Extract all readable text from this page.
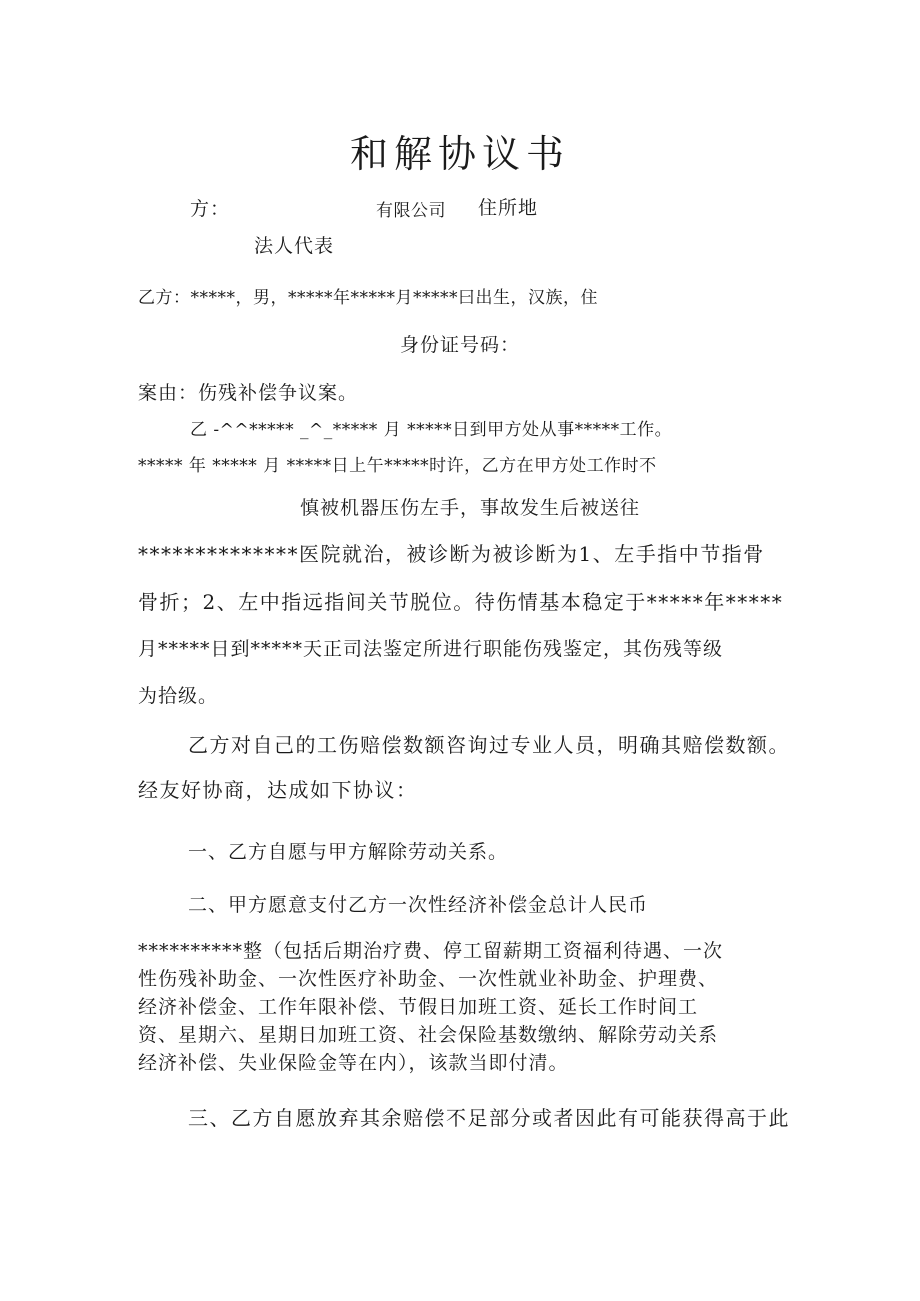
和解协议书
方：	有限公司 住所地
法人代表
乙方：*****，男，*****年*****月*****曰出生，汉族，住
身份证号码：
案由：伤残补偿争议案。
乙 -^^***** _^_***** 月 *****日到甲方处从事*****工作。
***** 年 ***** 月 *****日上午*****时许，乙方在甲方处工作时不
慎被机器压伤左手，事故发生后被送往
**************医院就治，被诊断为被诊断为1、左手指中节指骨
骨折；2、左中指远指间关节脱位。待伤情基本稳定于*****年*****
月*****日到*****天正司法鉴定所进行职能伤残鉴定，其伤残等级
为拾级。
乙方对自己的工伤赔偿数额咨询过专业人员，明确其赔偿数额。
经友好协商，达成如下协议：
一、乙方自愿与甲方解除劳动关系。
二、甲方愿意支付乙方一次性经济补偿金总计人民币
**********整（包括后期治疗费、停工留薪期工资福利待遇、一次
性伤残补助金、一次性医疗补助金、一次性就业补助金、护理费、
经济补偿金、工作年限补偿、节假日加班工资、延长工作时间工
资、星期六、星期日加班工资、社会保险基数缴纳、解除劳动关系
经济补偿、失业保险金等在内），该款当即付清。
三、乙方自愿放弃其余赔偿不足部分或者因此有可能获得高于此
